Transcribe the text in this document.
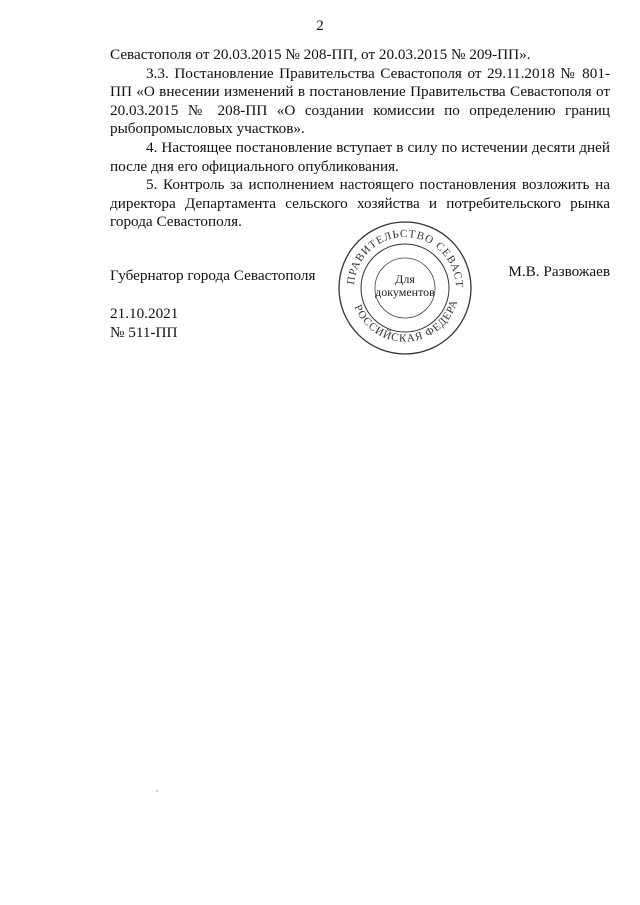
2

Севастополя от 20.03.2015 № 208-ПП, от 20.03.2015 № 209-ПП».

3.3. Постановление Правительства Севастополя от 29.11.2018 № 801-ПП «О внесении изменений в постановление Правительства Севастополя от 20.03.2015 № 208-ПП «О создании комиссии по определению границ рыбопромысловых участков».

4. Настоящее постановление вступает в силу по истечении десяти дней после дня его официального опубликования.

5. Контроль за исполнением настоящего постановления возложить на директора Департамента сельского хозяйства и потребительского рынка города Севастополя.

Губернатор города Севастополя	М.В. Развожаев
21.10.2021
№ 511-ПП
ПРАВИТЕЛЬСТВО СЕВАСТ
РОССИЙСКАЯ ФЕДЕРА
Для
документов
